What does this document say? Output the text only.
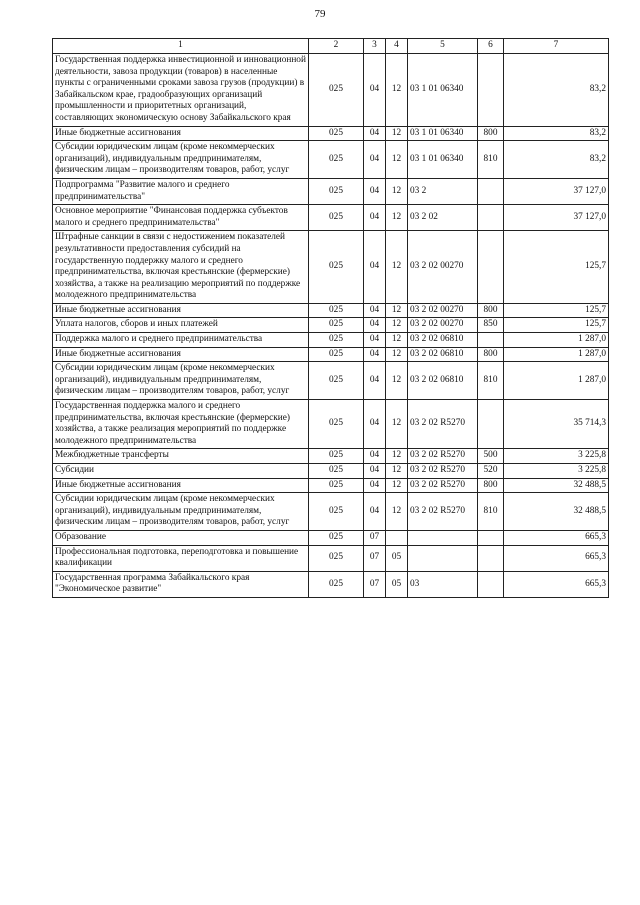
79
1	2	3	4	5	6	7
Государственная поддержка инвестиционной и инновационной деятельности, завоза продукции (товаров) в населенные пункты с ограниченными сроками завоза грузов (продукции) в Забайкальском крае, градообразующих организаций промышленности и приоритетных организаций, составляющих экономическую основу Забайкальского края	025	04	12	03 1 01 06340		83,2
Иные бюджетные ассигнования	025	04	12	03 1 01 06340	800	83,2
Субсидии юридическим лицам (кроме некоммерческих организаций), индивидуальным предпринимателям, физическим лицам – производителям товаров, работ, услуг	025	04	12	03 1 01 06340	810	83,2
Подпрограмма "Развитие малого и среднего предпринимательства"	025	04	12	03 2		37 127,0
Основное мероприятие "Финансовая поддержка субъектов малого и среднего предпринимательства"	025	04	12	03 2 02		37 127,0
Штрафные санкции в связи с недостижением показателей результативности предоставления субсидий на государственную поддержку малого и среднего предпринимательства, включая крестьянские (фермерские) хозяйства, а также на реализацию мероприятий по поддержке молодежного предпринимательства	025	04	12	03 2 02 00270		125,7
Иные бюджетные ассигнования	025	04	12	03 2 02 00270	800	125,7
Уплата налогов, сборов и иных платежей	025	04	12	03 2 02 00270	850	125,7
Поддержка малого и среднего предпринимательства	025	04	12	03 2 02 06810		1 287,0
Иные бюджетные ассигнования	025	04	12	03 2 02 06810	800	1 287,0
Субсидии юридическим лицам (кроме некоммерческих организаций), индивидуальным предпринимателям, физическим лицам – производителям товаров, работ, услуг	025	04	12	03 2 02 06810	810	1 287,0
Государственная поддержка малого и среднего предпринимательства, включая крестьянские (фермерские) хозяйства, а также реализация мероприятий по поддержке молодежного предпринимательства	025	04	12	03 2 02 R5270		35 714,3
Межбюджетные трансферты	025	04	12	03 2 02 R5270	500	3 225,8
Субсидии	025	04	12	03 2 02 R5270	520	3 225,8
Иные бюджетные ассигнования	025	04	12	03 2 02 R5270	800	32 488,5
Субсидии юридическим лицам (кроме некоммерческих организаций), индивидуальным предпринимателям, физическим лицам – производителям товаров, работ, услуг	025	04	12	03 2 02 R5270	810	32 488,5
Образование	025	07				665,3
Профессиональная подготовка, переподготовка и повышение квалификации	025	07	05			665,3
Государственная программа Забайкальского края "Экономическое развитие"	025	07	05	03		665,3
